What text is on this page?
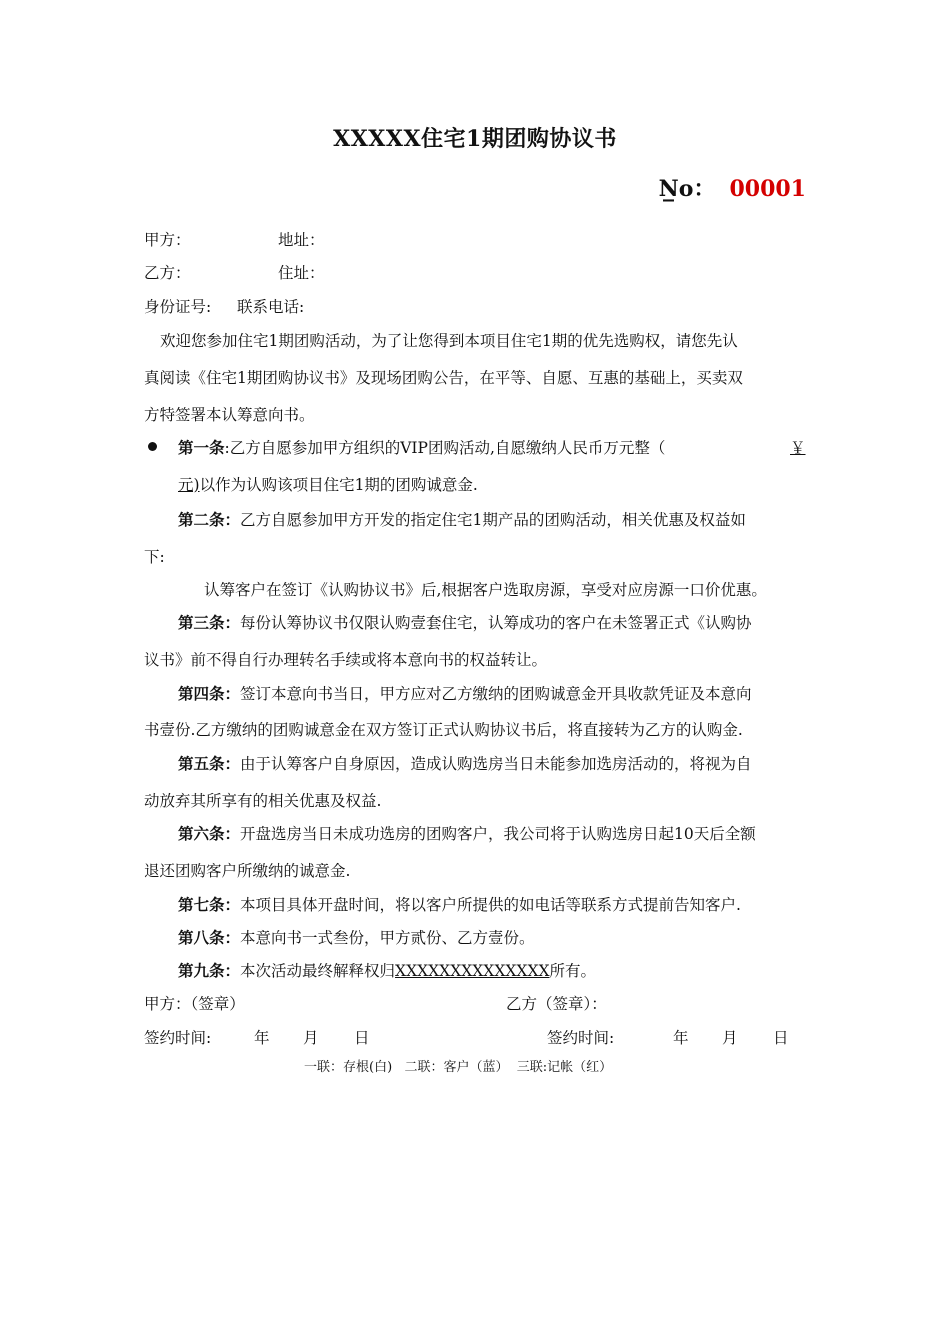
XXXXX住宅1期团购协议书
N̲o： 00001
甲方：	地址：
乙方：	住址：
身份证号: 联系电话:
欢迎您参加住宅1期团购活动，为了让您得到本项目住宅1期的优先选购权，请您先认
真阅读《住宅1期团购协议书》及现场团购公告，在平等、自愿、互惠的基础上，买卖双
方特签署本认筹意向书。
第一条:乙方自愿参加甲方组织的VIP团购活动,自愿缴纳人民币万元整（	￥
元)以作为认购该项目住宅1期的团购诚意金.
第二条：乙方自愿参加甲方开发的指定住宅1期产品的团购活动，相关优惠及权益如
下:
认筹客户在签订《认购协议书》后,根据客户选取房源，享受对应房源一口价优惠。
第三条：每份认筹协议书仅限认购壹套住宅，认筹成功的客户在未签署正式《认购协
议书》前不得自行办理转名手续或将本意向书的权益转让。
第四条：签订本意向书当日，甲方应对乙方缴纳的团购诚意金开具收款凭证及本意向
书壹份.乙方缴纳的团购诚意金在双方签订正式认购协议书后，将直接转为乙方的认购金.
第五条：由于认筹客户自身原因，造成认购选房当日未能参加选房活动的，将视为自
动放弃其所享有的相关优惠及权益.
第六条：开盘选房当日未成功选房的团购客户，我公司将于认购选房日起10天后全额
退还团购客户所缴纳的诚意金.
第七条：本项目具体开盘时间，将以客户所提供的如电话等联系方式提前告知客户.
第八条：本意向书一式叁份，甲方贰份、乙方壹份。
第九条：本次活动最终解释权归XXXXXXXXXXXXXX所有。
甲方：（签章）	乙方（签章）：
签约时间:	年 月 日	签约时间:	年 月 日
一联：存根(白)   二联：客户（蓝）  三联:记帐（红）
